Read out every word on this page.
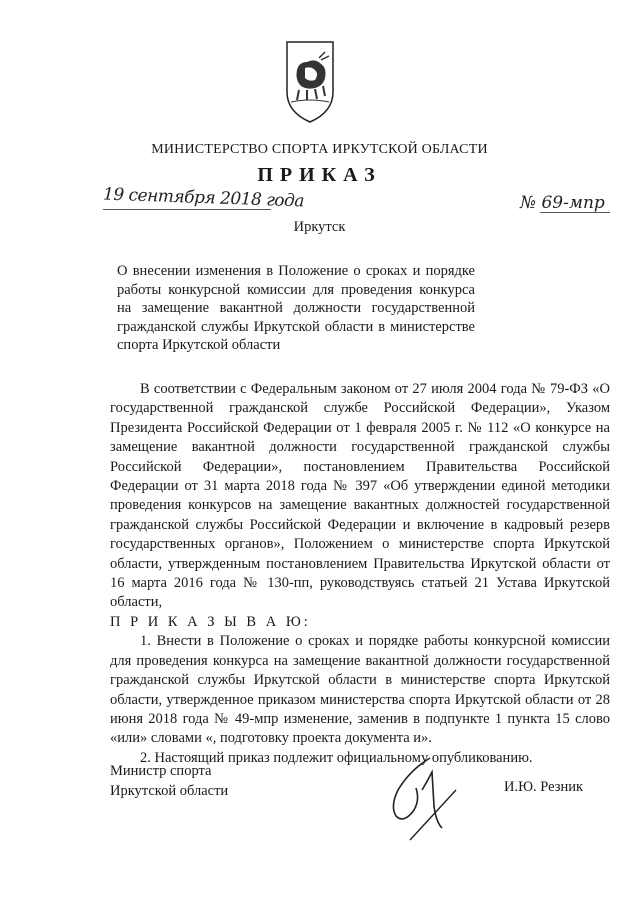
МИНИСТЕРСТВО СПОРТА ИРКУТСКОЙ ОБЛАСТИ
ПРИКАЗ
19 сентября 2018 года	№ 69-мпр
Иркутск
О внесении изменения в Положение о сроках и порядке работы конкурсной комиссии для проведения конкурса на замещение вакантной должности государственной гражданской службы Иркутской области в министерстве спорта Иркутской области

В соответствии с Федеральным законом от 27 июля 2004 года № 79-ФЗ «О государственной гражданской службе Российской Федерации», Указом Президента Российской Федерации от 1 февраля 2005 г. № 112 «О конкурсе на замещение вакантной должности государственной гражданской службы Российской Федерации», постановлением Правительства Российской Федерации от 31 марта 2018 года № 397 «Об утверждении единой методики проведения конкурсов на замещение вакантных должностей государственной гражданской службы Российской Федерации и включение в кадровый резерв государственных органов», Положением о министерстве спорта Иркутской области, утвержденным постановлением Правительства Иркутской области от 16 марта 2016 года № 130-пп, руководствуясь статьей 21 Устава Иркутской области,

П Р И К А З Ы В А Ю:

1. Внести в Положение о сроках и порядке работы конкурсной комиссии для проведения конкурса на замещение вакантной должности государственной гражданской службы Иркутской области в министерстве спорта Иркутской области, утвержденное приказом министерства спорта Иркутской области от 28 июня 2018 года № 49-мпр изменение, заменив в подпункте 1 пункта 15 слово «или» словами «, подготовку проекта документа и».

2. Настоящий приказ подлежит официальному опубликованию.

Министр спорта
Иркутской области	И.Ю. Резник
